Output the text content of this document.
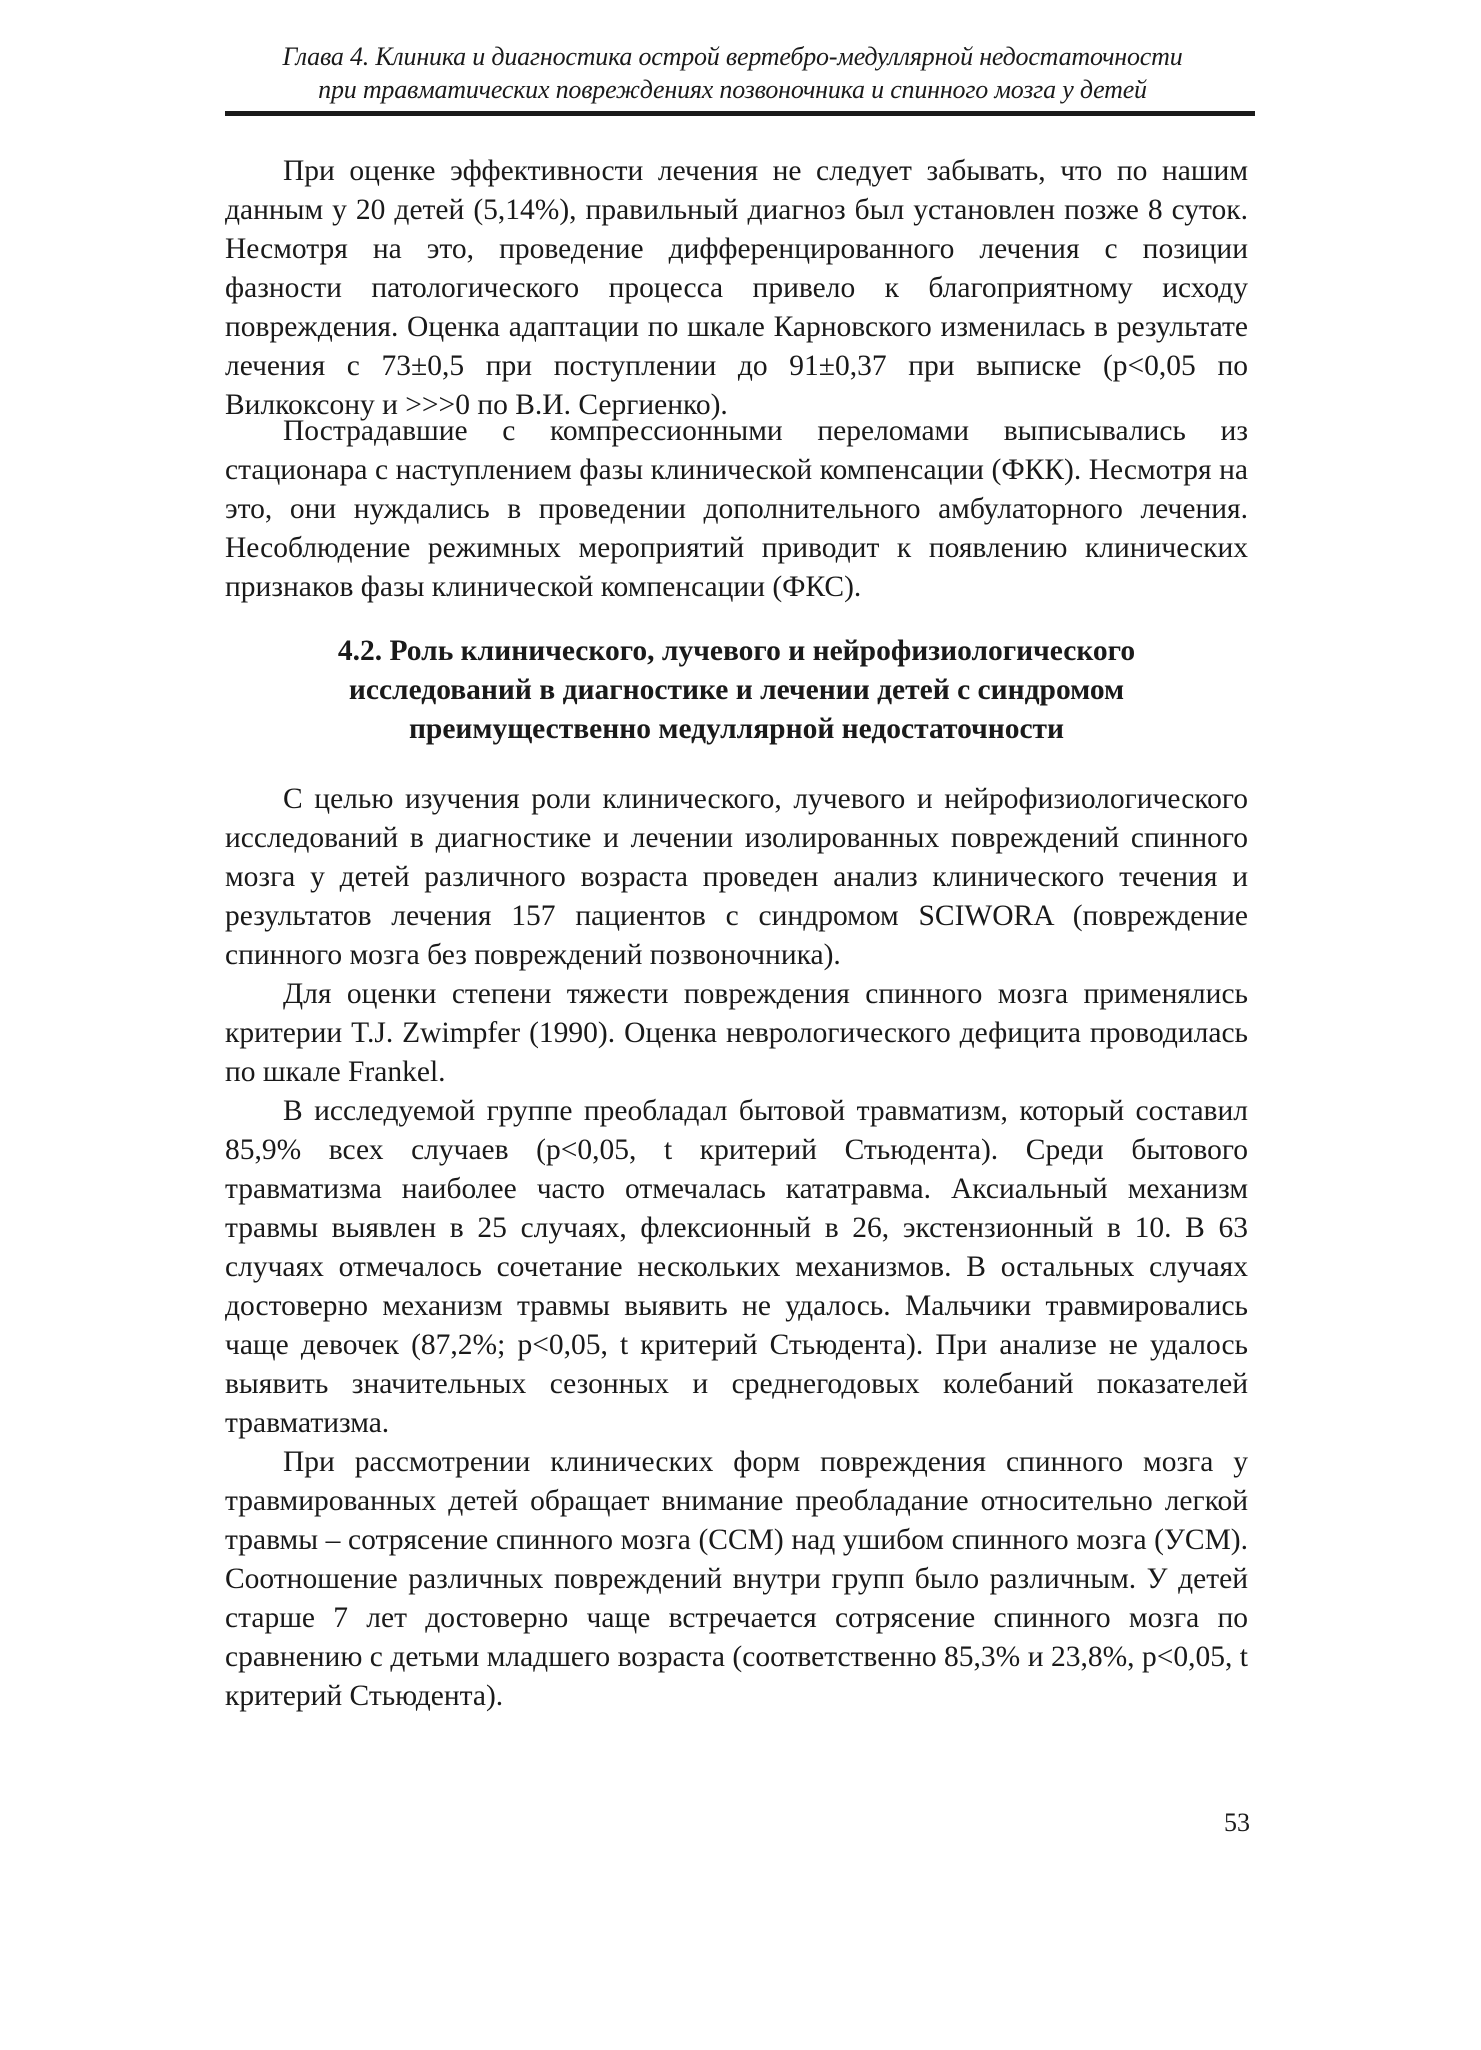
Глава 4. Клиника и диагностика острой вертебро-медуллярной недостаточности
при травматических повреждениях позвоночника и спинного мозга у детей

При оценке эффективности лечения не следует забывать, что по нашим данным у 20 детей (5,14%), правильный диагноз был установлен позже 8 суток. Несмотря на это, проведение дифференцированного лечения с позиции фазности патологического процесса привело к благоприятному исходу повреждения. Оценка адаптации по шкале Карновского изменилась в результате лечения с 73±0,5 при поступлении до 91±0,37 при выписке (p<0,05 по Вилкоксону и >>>0 по В.И. Сергиенко).

Пострадавшие с компрессионными переломами выписывались из стационара с наступлением фазы клинической компенсации (ФКК). Несмотря на это, они нуждались в проведении дополнительного амбулаторного лечения. Несоблюдение режимных мероприятий приводит к появлению клинических признаков фазы клинической компенсации (ФКС).

4.2. Роль клинического, лучевого и нейрофизиологического
исследований в диагностике и лечении детей с синдромом
преимущественно медуллярной недостаточности

С целью изучения роли клинического, лучевого и нейрофизиологического исследований в диагностике и лечении изолированных повреждений спинного мозга у детей различного возраста проведен анализ клинического течения и результатов лечения 157 пациентов с синдромом SCIWORA (повреждение спинного мозга без повреждений позвоночника).

Для оценки степени тяжести повреждения спинного мозга применялись критерии T.J. Zwimpfer (1990). Оценка неврологического дефицита проводилась по шкале Frankel.

В исследуемой группе преобладал бытовой травматизм, который составил 85,9% всех случаев (p<0,05, t критерий Стьюдента). Среди бытового травматизма наиболее часто отмечалась кататравма. Аксиальный механизм травмы выявлен в 25 случаях, флексионный в 26, экстензионный в 10. В 63 случаях отмечалось сочетание нескольких механизмов. В остальных случаях достоверно механизм травмы выявить не удалось. Мальчики травмировались чаще девочек (87,2%; p<0,05, t критерий Стьюдента). При анализе не удалось выявить значительных сезонных и среднегодовых колебаний показателей травматизма.

При рассмотрении клинических форм повреждения спинного мозга у травмированных детей обращает внимание преобладание относительно легкой травмы – сотрясение спинного мозга (ССМ) над ушибом спинного мозга (УСМ). Соотношение различных повреждений внутри групп было различным. У детей старше 7 лет достоверно чаще встречается сотрясение спинного мозга по сравнению с детьми младшего возраста (соответственно 85,3% и 23,8%, p<0,05, t критерий Стьюдента).

53
